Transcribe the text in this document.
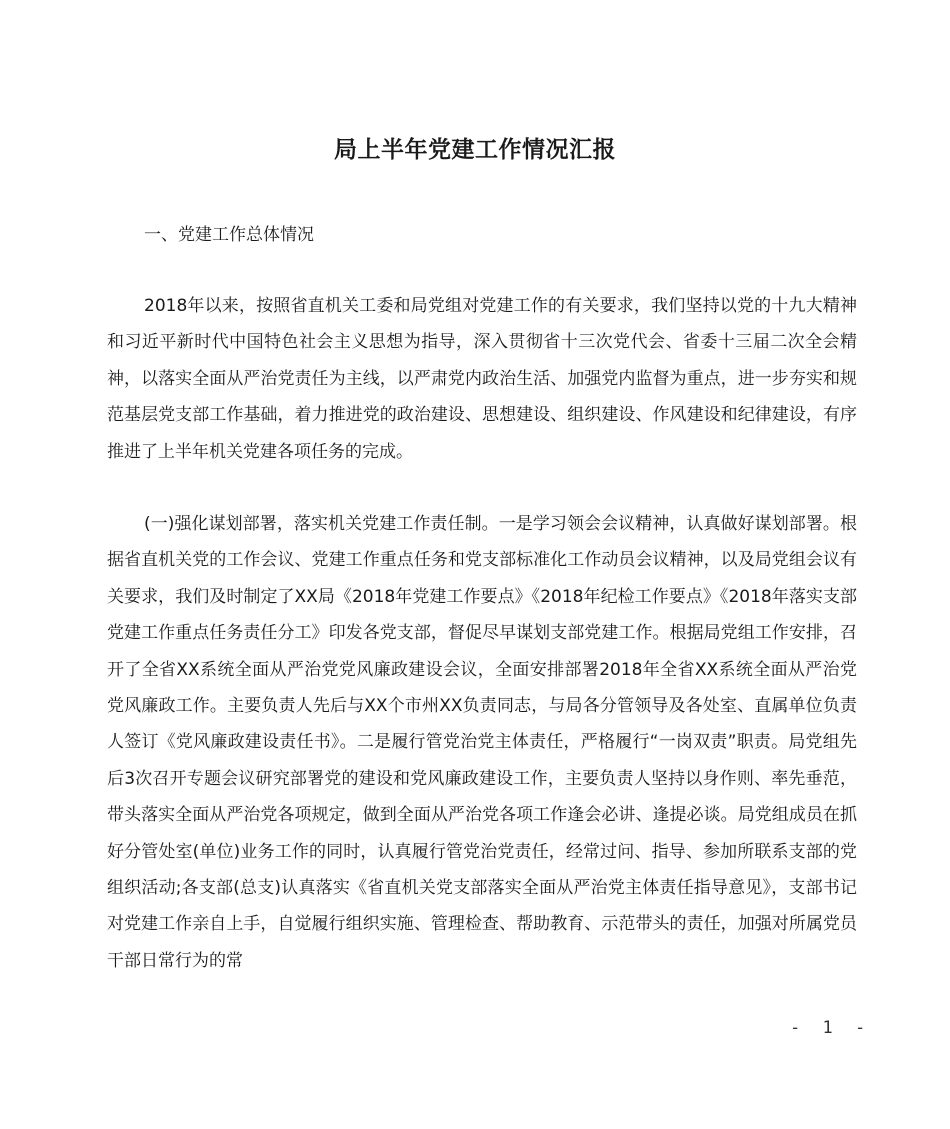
局上半年党建工作情况汇报

一、党建工作总体情况

2018年以来，按照省直机关工委和局党组对党建工作的有关要求，我们坚持以党的十九大精神和习近平新时代中国特色社会主义思想为指导，深入贯彻省十三次党代会、省委十三届二次全会精神，以落实全面从严治党责任为主线，以严肃党内政治生活、加强党内监督为重点，进一步夯实和规范基层党支部工作基础，着力推进党的政治建设、思想建设、组织建设、作风建设和纪律建设，有序推进了上半年机关党建各项任务的完成。

(一)强化谋划部署，落实机关党建工作责任制。一是学习领会会议精神，认真做好谋划部署。根据省直机关党的工作会议、党建工作重点任务和党支部标准化工作动员会议精神，以及局党组会议有关要求，我们及时制定了XX局《2018年党建工作要点》《2018年纪检工作要点》《2018年落实支部党建工作重点任务责任分工》印发各党支部，督促尽早谋划支部党建工作。根据局党组工作安排，召开了全省XX系统全面从严治党党风廉政建设会议，全面安排部署2018年全省XX系统全面从严治党党风廉政工作。主要负责人先后与XX个市州XX负责同志，与局各分管领导及各处室、直属单位负责人签订《党风廉政建设责任书》。二是履行管党治党主体责任，严格履行“一岗双责”职责。局党组先后3次召开专题会议研究部署党的建设和党风廉政建设工作，主要负责人坚持以身作则、率先垂范，带头落实全面从严治党各项规定，做到全面从严治党各项工作逢会必讲、逢提必谈。局党组成员在抓好分管处室(单位)业务工作的同时，认真履行管党治党责任，经常过问、指导、参加所联系支部的党组织活动;各支部(总支)认真落实《省直机关党支部落实全面从严治党主体责任指导意见》，支部书记对党建工作亲自上手，自觉履行组织实施、管理检查、帮助教育、示范带头的责任，加强对所属党员干部日常行为的常

- 1 -
